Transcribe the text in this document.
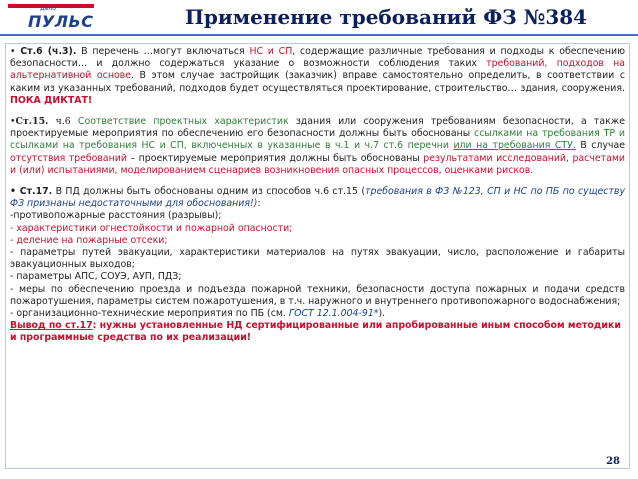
Дело
ПУЛЬС	Применение требований ФЗ №384
• Ст.6 (ч.3). В перечень …могут включаться НС и СП, содержащие различные требования и подходы к обеспечению безопасности… и должно содержаться указание о возможности соблюдения таких требований, подходов на альтернативной основе. В этом случае застройщик (заказчик) вправе самостоятельно определить, в соответствии с каким из указанных требований, подходов будет осуществляться проектирование, строительство… здания, сооружения. ПОКА ДИКТАТ!
•Ст.15. ч.6 Соответствие проектных характеристик здания или сооружения требованиям безопасности, а также проектируемые мероприятия по обеспечению его безопасности должны быть обоснованы ссылками на требования ТР и ссылками на требования НС и СП, включенных в указанные в ч.1 и ч.7 ст.6 перечни или на требования СТУ. В случае отсутствия требований – проектируемые мероприятия должны быть обоснованы результатами исследований, расчетами и (или) испытаниями, моделированием сценариев возникновения опасных процессов, оценками рисков.
• Ст.17. В ПД должны быть обоснованы одним из способов ч.6 ст.15 (требования в ФЗ №123, СП и НС по ПБ по существу ФЗ признаны недостаточными для обоснования!):
-противопожарные расстояния (разрывы);
- характеристики огнестойкости и пожарной опасности;
- деление на пожарные отсеки;
- параметры путей эвакуации, характеристики материалов на путях эвакуации, число, расположение и габариты эвакуационных выходов;
- параметры АПС, СОУЭ, АУП, ПДЗ;
- меры по обеспечению проезда и подъезда пожарной техники, безопасности доступа пожарных и подачи средств пожаротушения, параметры систем пожаротушения, в т.ч. наружного и внутреннего противопожарного водоснабжения;
- организационно-технические мероприятия по ПБ (см. ГОСТ 12.1.004-91*).
Вывод по ст.17: нужны установленные НД сертифицированные или апробированные иным способом методики и программные средства по их реализации!
28
